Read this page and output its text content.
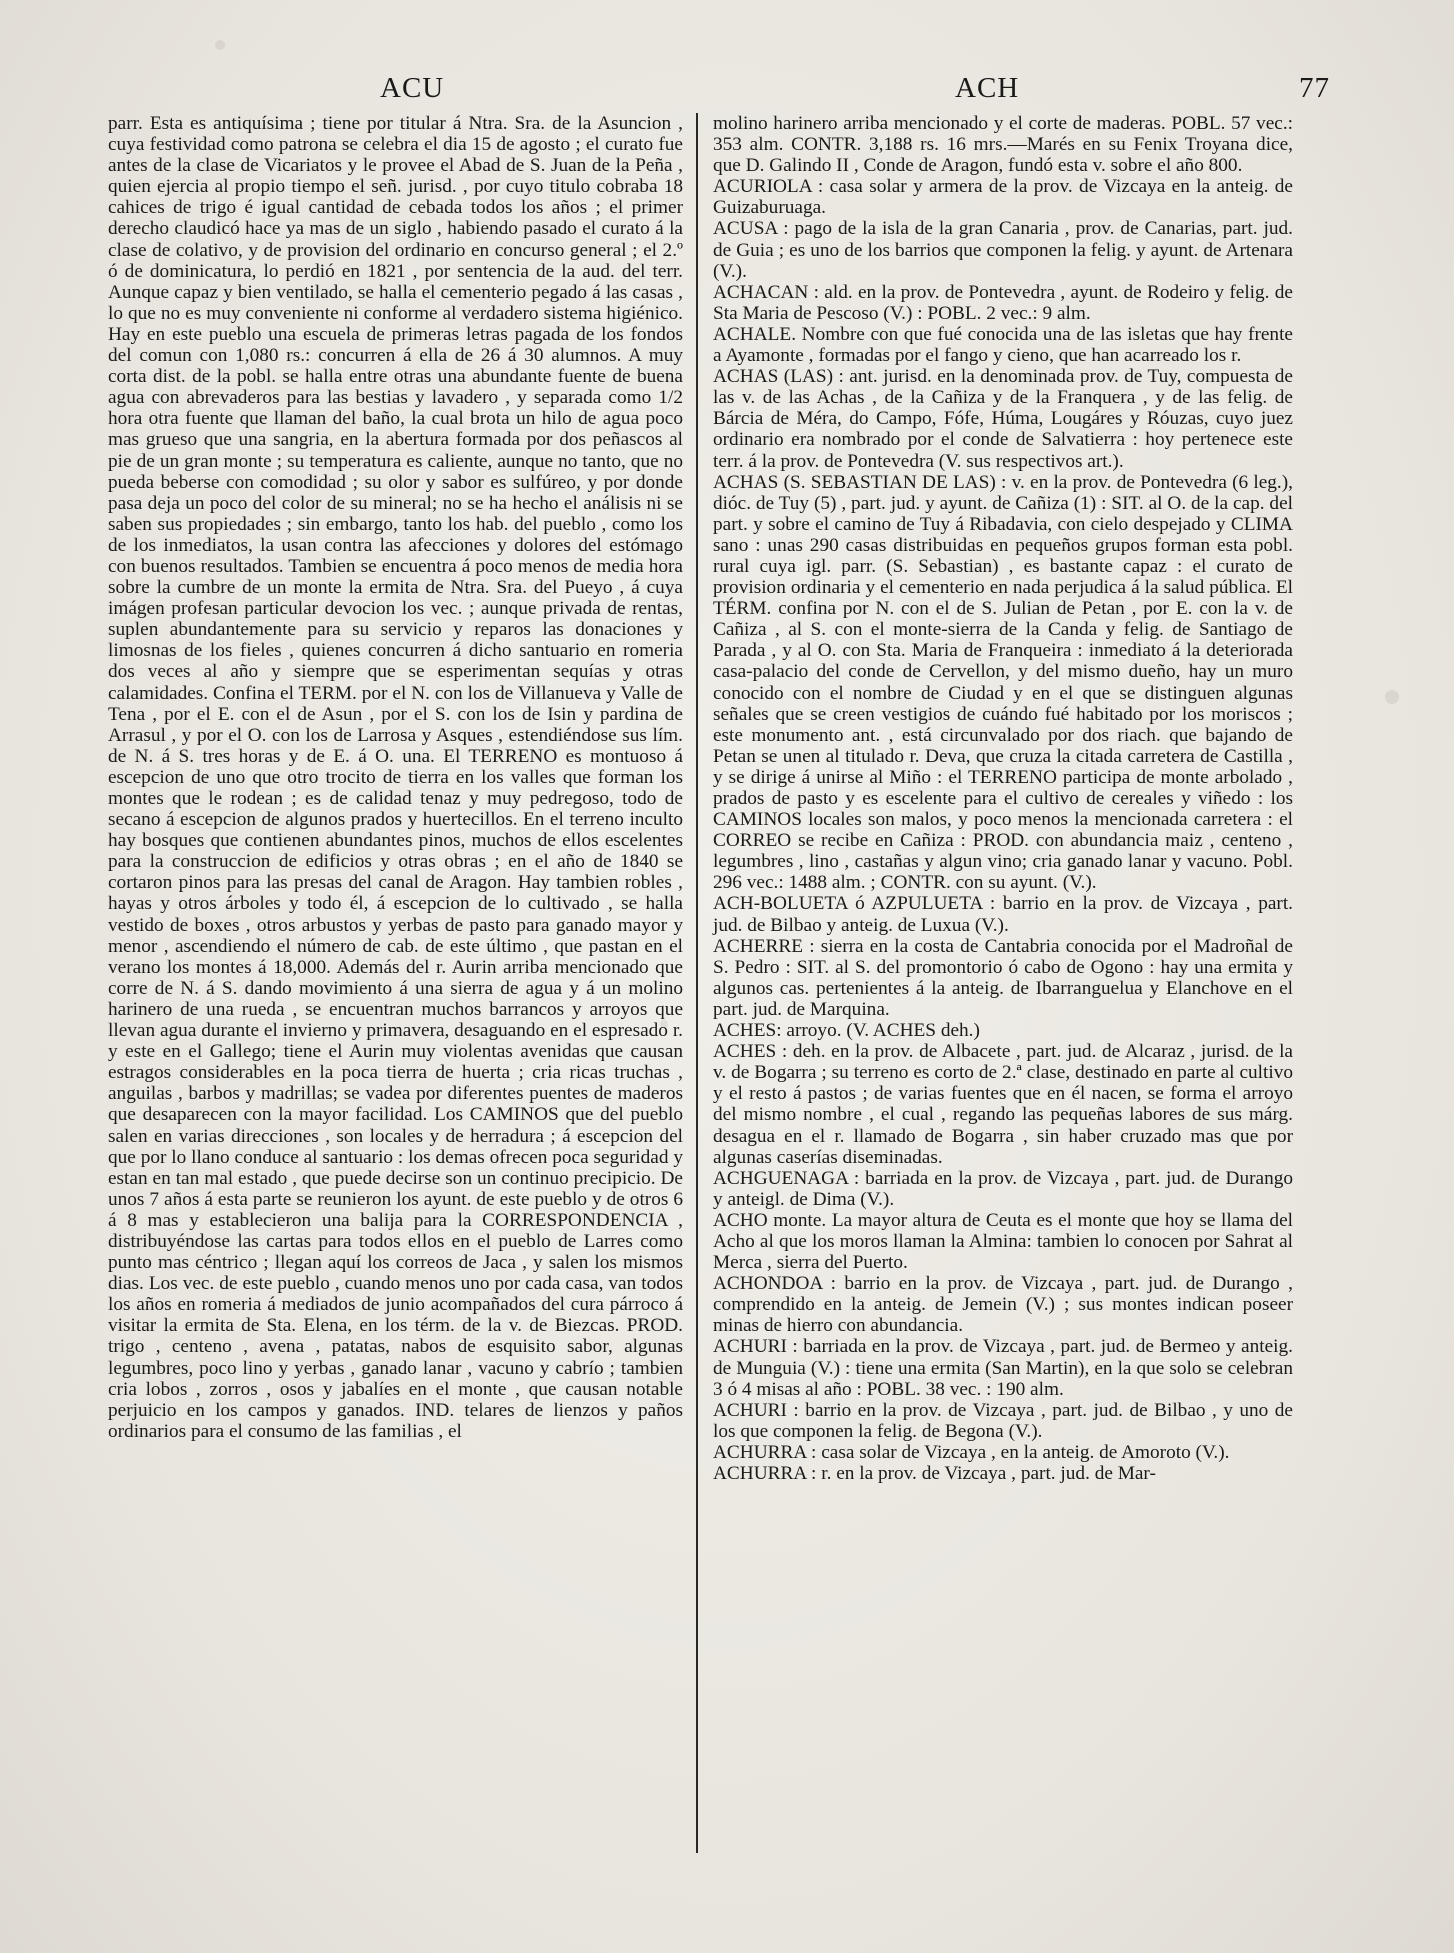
ACU	ACH	77

parr. Esta es antiquísima ; tiene por titular á Ntra. Sra. de la Asuncion , cuya festividad como patrona se celebra el dia 15 de agosto ; el curato fue antes de la clase de Vicariatos y le provee el Abad de S. Juan de la Peña , quien ejercia al propio tiempo el señ. jurisd. , por cuyo titulo cobraba 18 cahices de trigo é igual cantidad de cebada todos los años ; el primer derecho claudicó hace ya mas de un siglo , habiendo pasado el curato á la clase de colativo, y de provision del ordinario en concurso general ; el 2.º ó de dominicatura, lo perdió en 1821 , por sentencia de la aud. del terr. Aunque capaz y bien ventilado, se halla el cementerio pegado á las casas , lo que no es muy conveniente ni conforme al verdadero sistema higiénico. Hay en este pueblo una escuela de primeras letras pagada de los fondos del comun con 1,080 rs.: concurren á ella de 26 á 30 alumnos. A muy corta dist. de la pobl. se halla entre otras una abundante fuente de buena agua con abrevaderos para las bestias y lavadero , y separada como 1/2 hora otra fuente que llaman del baño, la cual brota un hilo de agua poco mas grueso que una sangria, en la abertura formada por dos peñascos al pie de un gran monte ; su temperatura es caliente, aunque no tanto, que no pueda beberse con comodidad ; su olor y sabor es sulfúreo, y por donde pasa deja un poco del color de su mineral; no se ha hecho el análisis ni se saben sus propiedades ; sin embargo, tanto los hab. del pueblo , como los de los inmediatos, la usan contra las afecciones y dolores del estómago con buenos resultados. Tambien se encuentra á poco menos de media hora sobre la cumbre de un monte la ermita de Ntra. Sra. del Pueyo , á cuya imágen profesan particular devocion los vec. ; aunque privada de rentas, suplen abundantemente para su servicio y reparos las donaciones y limosnas de los fieles , quienes concurren á dicho santuario en romeria dos veces al año y siempre que se esperimentan sequías y otras calamidades. Confina el TERM. por el N. con los de Villanueva y Valle de Tena , por el E. con el de Asun , por el S. con los de Isin y pardina de Arrasul , y por el O. con los de Larrosa y Asques , estendiéndose sus lím. de N. á S. tres horas y de E. á O. una. El TERRENO es montuoso á escepcion de uno que otro trocito de tierra en los valles que forman los montes que le rodean ; es de calidad tenaz y muy pedregoso, todo de secano á escepcion de algunos prados y huertecillos. En el terreno inculto hay bosques que contienen abundantes pinos, muchos de ellos escelentes para la construccion de edificios y otras obras ; en el año de 1840 se cortaron pinos para las presas del canal de Aragon. Hay tambien robles , hayas y otros árboles y todo él, á escepcion de lo cultivado , se halla vestido de boxes , otros arbustos y yerbas de pasto para ganado mayor y menor , ascendiendo el número de cab. de este último , que pastan en el verano los montes á 18,000. Además del r. Aurin arriba mencionado que corre de N. á S. dando movimiento á una sierra de agua y á un molino harinero de una rueda , se encuentran muchos barrancos y arroyos que llevan agua durante el invierno y primavera, desaguando en el espresado r. y este en el Gallego; tiene el Aurin muy violentas avenidas que causan estragos considerables en la poca tierra de huerta ; cria ricas truchas , anguilas , barbos y madrillas; se vadea por diferentes puentes de maderos que desaparecen con la mayor facilidad. Los CAMINOS que del pueblo salen en varias direcciones , son locales y de herradura ; á escepcion del que por lo llano conduce al santuario : los demas ofrecen poca seguridad y estan en tan mal estado , que puede decirse son un continuo precipicio. De unos 7 años á esta parte se reunieron los ayunt. de este pueblo y de otros 6 á 8 mas y establecieron una balija para la CORRESPONDENCIA , distribuyéndose las cartas para todos ellos en el pueblo de Larres como punto mas céntrico ; llegan aquí los correos de Jaca , y salen los mismos dias. Los vec. de este pueblo , cuando menos uno por cada casa, van todos los años en romeria á mediados de junio acompañados del cura párroco á visitar la ermita de Sta. Elena, en los térm. de la v. de Biezcas. PROD. trigo , centeno , avena , patatas, nabos de esquisito sabor, algunas legumbres, poco lino y yerbas , ganado lanar , vacuno y cabrío ; tambien cria lobos , zorros , osos y jabalíes en el monte , que causan notable perjuicio en los campos y ganados. IND. telares de lienzos y paños ordinarios para el consumo de las familias , el

molino harinero arriba mencionado y el corte de maderas. POBL. 57 vec.: 353 alm. CONTR. 3,188 rs. 16 mrs.—Marés en su Fenix Troyana dice, que D. Galindo II , Conde de Aragon, fundó esta v. sobre el año 800.

ACURIOLA : casa solar y armera de la prov. de Vizcaya en la anteig. de Guizaburuaga.

ACUSA : pago de la isla de la gran Canaria , prov. de Canarias, part. jud. de Guia ; es uno de los barrios que componen la felig. y ayunt. de Artenara (V.).

ACHACAN : ald. en la prov. de Pontevedra , ayunt. de Rodeiro y felig. de Sta Maria de Pescoso (V.) : POBL. 2 vec.: 9 alm.

ACHALE. Nombre con que fué conocida una de las isletas que hay frente a Ayamonte , formadas por el fango y cieno, que han acarreado los r.

ACHAS (LAS) : ant. jurisd. en la denominada prov. de Tuy, compuesta de las v. de las Achas , de la Cañiza y de la Franquera , y de las felig. de Bárcia de Méra, do Campo, Fófe, Húma, Lougáres y Róuzas, cuyo juez ordinario era nombrado por el conde de Salvatierra : hoy pertenece este terr. á la prov. de Pontevedra (V. sus respectivos art.).

ACHAS (S. SEBASTIAN DE LAS) : v. en la prov. de Pontevedra (6 leg.), dióc. de Tuy (5) , part. jud. y ayunt. de Cañiza (1) : SIT. al O. de la cap. del part. y sobre el camino de Tuy á Ribadavia, con cielo despejado y CLIMA sano : unas 290 casas distribuidas en pequeños grupos forman esta pobl. rural cuya igl. parr. (S. Sebastian) , es bastante capaz : el curato de provision ordinaria y el cementerio en nada perjudica á la salud pública. El TÉRM. confina por N. con el de S. Julian de Petan , por E. con la v. de Cañiza , al S. con el monte-sierra de la Canda y felig. de Santiago de Parada , y al O. con Sta. Maria de Franqueira : inmediato á la deteriorada casa-palacio del conde de Cervellon, y del mismo dueño, hay un muro conocido con el nombre de Ciudad y en el que se distinguen algunas señales que se creen vestigios de cuándo fué habitado por los moriscos ; este monumento ant. , está circunvalado por dos riach. que bajando de Petan se unen al titulado r. Deva, que cruza la citada carretera de Castilla , y se dirige á unirse al Miño : el TERRENO participa de monte arbolado , prados de pasto y es escelente para el cultivo de cereales y viñedo : los CAMINOS locales son malos, y poco menos la mencionada carretera : el CORREO se recibe en Cañiza : PROD. con abundancia maiz , centeno , legumbres , lino , castañas y algun vino; cria ganado lanar y vacuno. Pobl. 296 vec.: 1488 alm. ; CONTR. con su ayunt. (V.).

ACH-BOLUETA ó AZPULUETA : barrio en la prov. de Vizcaya , part. jud. de Bilbao y anteig. de Luxua (V.).

ACHERRE : sierra en la costa de Cantabria conocida por el Madroñal de S. Pedro : SIT. al S. del promontorio ó cabo de Ogono : hay una ermita y algunos cas. pertenientes á la anteig. de Ibarranguelua y Elanchove en el part. jud. de Marquina.

ACHES: arroyo. (V. ACHES deh.)

ACHES : deh. en la prov. de Albacete , part. jud. de Alcaraz , jurisd. de la v. de Bogarra ; su terreno es corto de 2.ª clase, destinado en parte al cultivo y el resto á pastos ; de varias fuentes que en él nacen, se forma el arroyo del mismo nombre , el cual , regando las pequeñas labores de sus márg. desagua en el r. llamado de Bogarra , sin haber cruzado mas que por algunas caserías diseminadas.

ACHGUENAGA : barriada en la prov. de Vizcaya , part. jud. de Durango y anteigl. de Dima (V.).

ACHO monte. La mayor altura de Ceuta es el monte que hoy se llama del Acho al que los moros llaman la Almina: tambien lo conocen por Sahrat al Merca , sierra del Puerto.

ACHONDOA : barrio en la prov. de Vizcaya , part. jud. de Durango , comprendido en la anteig. de Jemein (V.) ; sus montes indican poseer minas de hierro con abundancia.

ACHURI : barriada en la prov. de Vizcaya , part. jud. de Bermeo y anteig. de Munguia (V.) : tiene una ermita (San Martin), en la que solo se celebran 3 ó 4 misas al año : POBL. 38 vec. : 190 alm.

ACHURI : barrio en la prov. de Vizcaya , part. jud. de Bilbao , y uno de los que componen la felig. de Begona (V.).

ACHURRA : casa solar de Vizcaya , en la anteig. de Amoroto (V.).

ACHURRA : r. en la prov. de Vizcaya , part. jud. de Mar-
